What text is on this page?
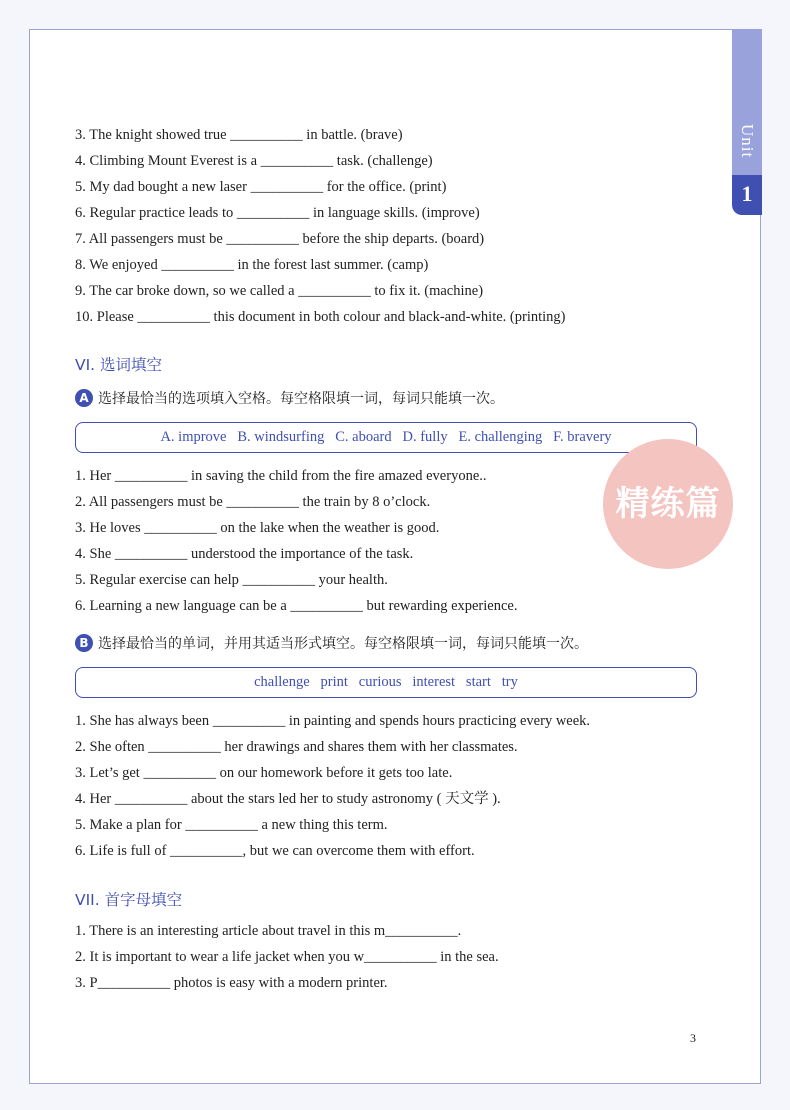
Unit
1
3. The knight showed true __________ in battle. (brave)
4. Climbing Mount Everest is a __________ task. (challenge)
5. My dad bought a new laser __________ for the office. (print)
6. Regular practice leads to __________ in language skills. (improve)
7. All passengers must be __________ before the ship departs. (board)
8. We enjoyed __________ in the forest last summer. (camp)
9. The car broke down, so we called a __________ to fix it. (machine)
10. Please __________ this document in both colour and black-and-white. (printing)
VI. 选词填空
A 选择最恰当的选项填入空格。每空格限填一词，每词只能填一次。
A. improve   B. windsurfing   C. aboard   D. fully   E. challenging   F. bravery
1. Her __________ in saving the child from the fire amazed everyone..
2. All passengers must be __________ the train by 8 o’clock.
3. He loves __________ on the lake when the weather is good.
4. She __________ understood the importance of the task.
5. Regular exercise can help __________ your health.
6. Learning a new language can be a __________ but rewarding experience.
精练篇
B 选择最恰当的单词，并用其适当形式填空。每空格限填一词，每词只能填一次。
challenge   print   curious   interest   start   try
1. She has always been __________ in painting and spends hours practicing every week.
2. She often __________ her drawings and shares them with her classmates.
3. Let’s get __________ on our homework before it gets too late.
4. Her __________ about the stars led her to study astronomy ( 天文学 ).
5. Make a plan for __________ a new thing this term.
6. Life is full of __________, but we can overcome them with effort.
VII. 首字母填空
1. There is an interesting article about travel in this m__________.
2. It is important to wear a life jacket when you w__________ in the sea.
3. P__________ photos is easy with a modern printer.
3
